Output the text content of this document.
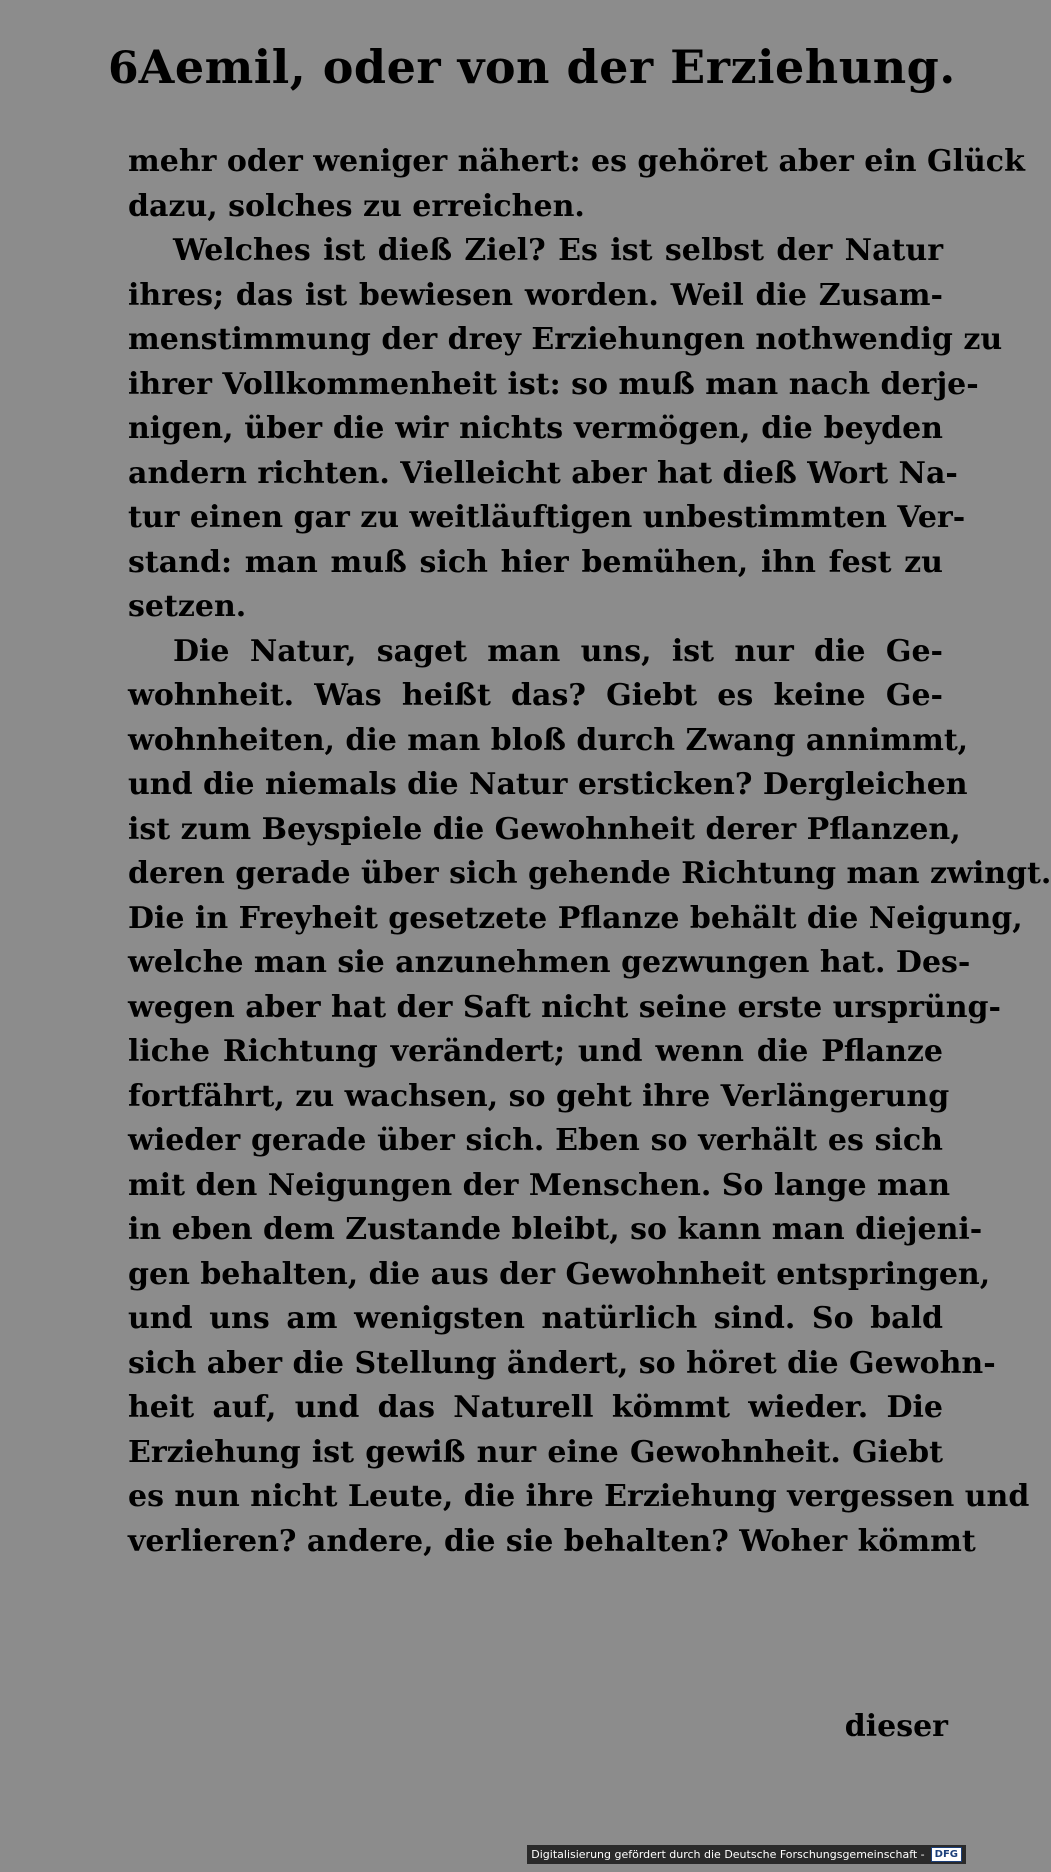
6 Aemil, oder von der Erziehung.
mehr oder weniger nähert: es gehöret aber ein Glück
dazu, solches zu erreichen.
Welches ist dieß Ziel? Es ist selbst der Natur
ihres; das ist bewiesen worden. Weil die Zusam-
menstimmung der drey Erziehungen nothwendig zu
ihrer Vollkommenheit ist: so muß man nach derje-
nigen, über die wir nichts vermögen, die beyden
andern richten. Vielleicht aber hat dieß Wort Na-
tur einen gar zu weitläuftigen unbestimmten Ver-
stand: man muß sich hier bemühen, ihn fest zu
setzen.
Die Natur, saget man uns, ist nur die Ge-
wohnheit. Was heißt das? Giebt es keine Ge-
wohnheiten, die man bloß durch Zwang annimmt,
und die niemals die Natur ersticken? Dergleichen
ist zum Beyspiele die Gewohnheit derer Pflanzen,
deren gerade über sich gehende Richtung man zwingt.
Die in Freyheit gesetzete Pflanze behält die Neigung,
welche man sie anzunehmen gezwungen hat. Des-
wegen aber hat der Saft nicht seine erste ursprüng-
liche Richtung verändert; und wenn die Pflanze
fortfährt, zu wachsen, so geht ihre Verlängerung
wieder gerade über sich. Eben so verhält es sich
mit den Neigungen der Menschen. So lange man
in eben dem Zustande bleibt, so kann man diejeni-
gen behalten, die aus der Gewohnheit entspringen,
und uns am wenigsten natürlich sind. So bald
sich aber die Stellung ändert, so höret die Gewohn-
heit auf, und das Naturell kömmt wieder. Die
Erziehung ist gewiß nur eine Gewohnheit. Giebt
es nun nicht Leute, die ihre Erziehung vergessen und
verlieren? andere, die sie behalten? Woher kömmt
dieser
Digitalisierung gefördert durch die Deutsche Forschungsgemeinschaft -	DFG
